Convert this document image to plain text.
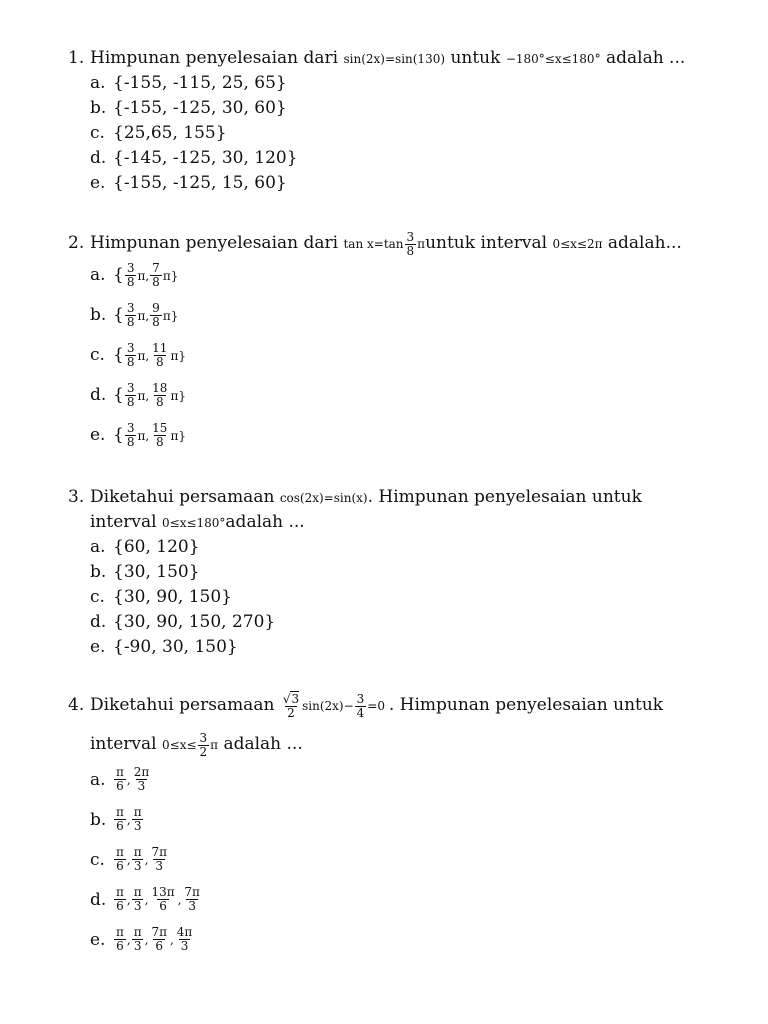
1. Himpunan penyelesaian dari sin(2x)=sin(130) untuk −180°≤x≤180° adalah ...
a. {-155, -115, 25, 65}
b. {-155, -125, 30, 60}
c. {25,65, 155}
d. {-145, -125, 30, 120}
e. {-155, -125, 15, 60}
2. Himpunan penyelesaian dari $\tan x=\tan \frac{3}{8}$ πuntuk interval 0≤x≤2π adalah...
a. { $\frac{3}{8} \pi$, $\frac{7}{8} \pi$}
b. { $\frac{3}{8} \pi$, $\frac{9}{8} \pi$}
c. { $\frac{3}{8} \pi$, $\frac{11}{8} \pi$}
d. { $\frac{3}{8} \pi$, $\frac{18}{8} \pi$}
e. { $\frac{3}{8} \pi$, $\frac{15}{8} \pi$}
3. Diketahui persamaan cos(2x)=sin(x). Himpunan penyelesaian untuk
interval 0≤x≤180°adalah ...
a. {60, 120}
b. {30, 150}
c. {30, 90, 150}
d. {30, 90, 150, 270}
e. {-90, 30, 150}
4. Diketahui persamaan $\frac{√3}{2} \sin(2x)- \frac{3}{4} =0$ . Himpunan penyelesaian untuk
interval $0\le x\le \frac{3}{2}$ π adalah ...
a. $\frac{\pi}{6}$ , $\frac{2\pi}{3}$
b. $\frac{\pi}{6}$ , $\frac{\pi}{3}$
c. $\frac{\pi}{6}$ , $\frac{\pi}{3}$ , $\frac{7\pi}{3}$
d. $\frac{\pi}{6}$ , $\frac{\pi}{3}$ , $\frac{13\pi}{6}$ , $\frac{7\pi}{3}$
e. $\frac{\pi}{6}$ , $\frac{\pi}{3}$ , $\frac{7\pi}{6}$ , $\frac{4\pi}{3}$
